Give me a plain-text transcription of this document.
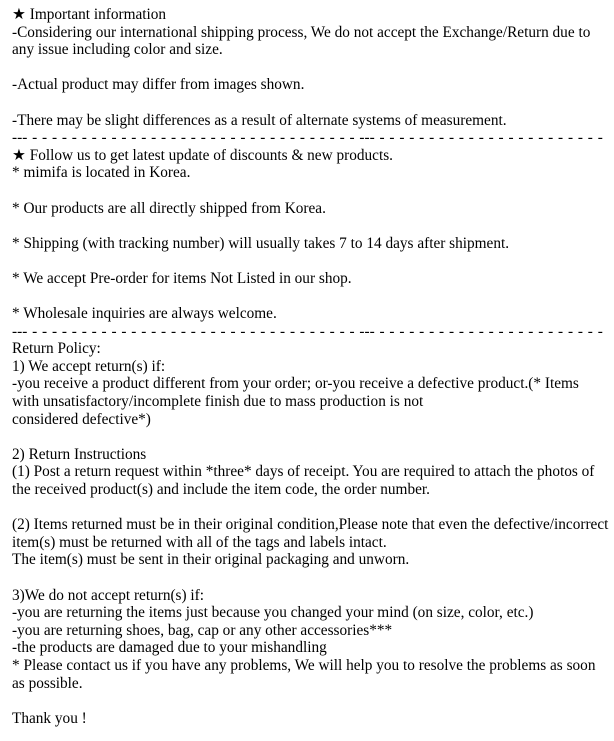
★ Important information
-Considering our international shipping process, We do not accept the Exchange/Return due to
any issue including color and size.
-Actual product may differ from images shown.
-There may be slight differences as a result of alternate systems of measurement.
--- - - - - - - - - - - - - - - - - - - - - - - - - - - - - - - - - - --- - - - - - - - - - - - - - - - - - - - - - - -
★ Follow us to get latest update of discounts & new products.
* mimifa is located in Korea.
* Our products are all directly shipped from Korea.
* Shipping (with tracking number) will usually takes 7 to 14 days after shipment.
* We accept Pre-order for items Not Listed in our shop.
* Wholesale inquiries are always welcome.
--- - - - - - - - - - - - - - - - - - - - - - - - - - - - - - - - - - --- - - - - - - - - - - - - - - - - - - - - - - -
Return Policy:
1) We accept return(s) if:
-you receive a product different from your order; or-you receive a defective product.(* Items
with unsatisfactory/incomplete finish due to mass production is not
considered defective*)
2) Return Instructions
(1) Post a return request within *three* days of receipt. You are required to attach the photos of
the received product(s) and include the item code, the order number.
(2) Items returned must be in their original condition,Please note that even the defective/incorrect
item(s) must be returned with all of the tags and labels intact.
The item(s) must be sent in their original packaging and unworn.
3)We do not accept return(s) if:
-you are returning the items just because you changed your mind (on size, color, etc.)
-you are returning shoes, bag, cap or any other accessories***
-the products are damaged due to your mishandling
* Please contact us if you have any problems, We will help you to resolve the problems as soon
as possible.
Thank you !
